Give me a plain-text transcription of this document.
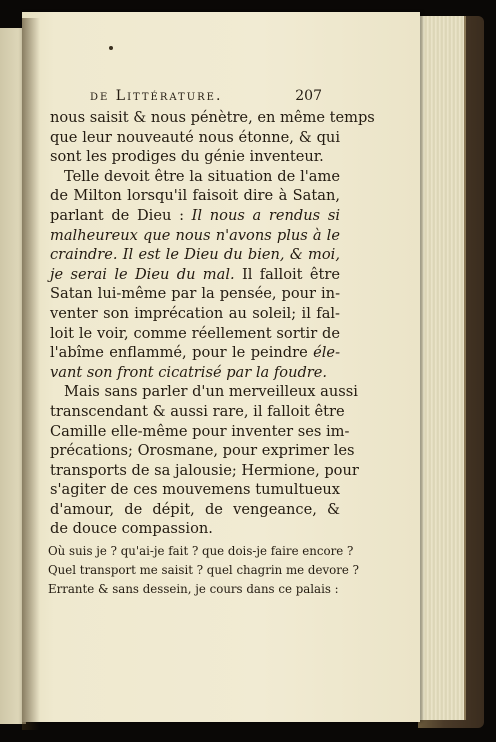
de Littérature.	207
nous saisit & nous pénètre, en même temps
que leur nouveauté nous étonne, & qui
sont les prodiges du génie inventeur.
Telle devoit être la situation de l'ame
de Milton lorsqu'il faisoit dire à Satan,
parlant de Dieu : Il nous a rendus si
malheureux que nous n'avons plus à le
craindre. Il est le Dieu du bien, & moi,
je serai le Dieu du mal. Il falloit être
Satan lui-même par la pensée, pour in-
venter son imprécation au soleil; il fal-
loit le voir, comme réellement sortir de
l'abîme enflammé, pour le peindre éle-
vant son front cicatrisé par la foudre.
Mais sans parler d'un merveilleux aussi
transcendant & aussi rare, il falloit être
Camille elle-même pour inventer ses im-
précations; Orosmane, pour exprimer les
transports de sa jalousie; Hermione, pour
s'agiter de ces mouvemens tumultueux
d'amour, de dépit, de vengeance, &
de douce compassion.
Où suis je ? qu'ai-je fait ? que dois-je faire encore ?
Quel transport me saisit ? quel chagrin me devore ?
Errante & sans dessein, je cours dans ce palais :
